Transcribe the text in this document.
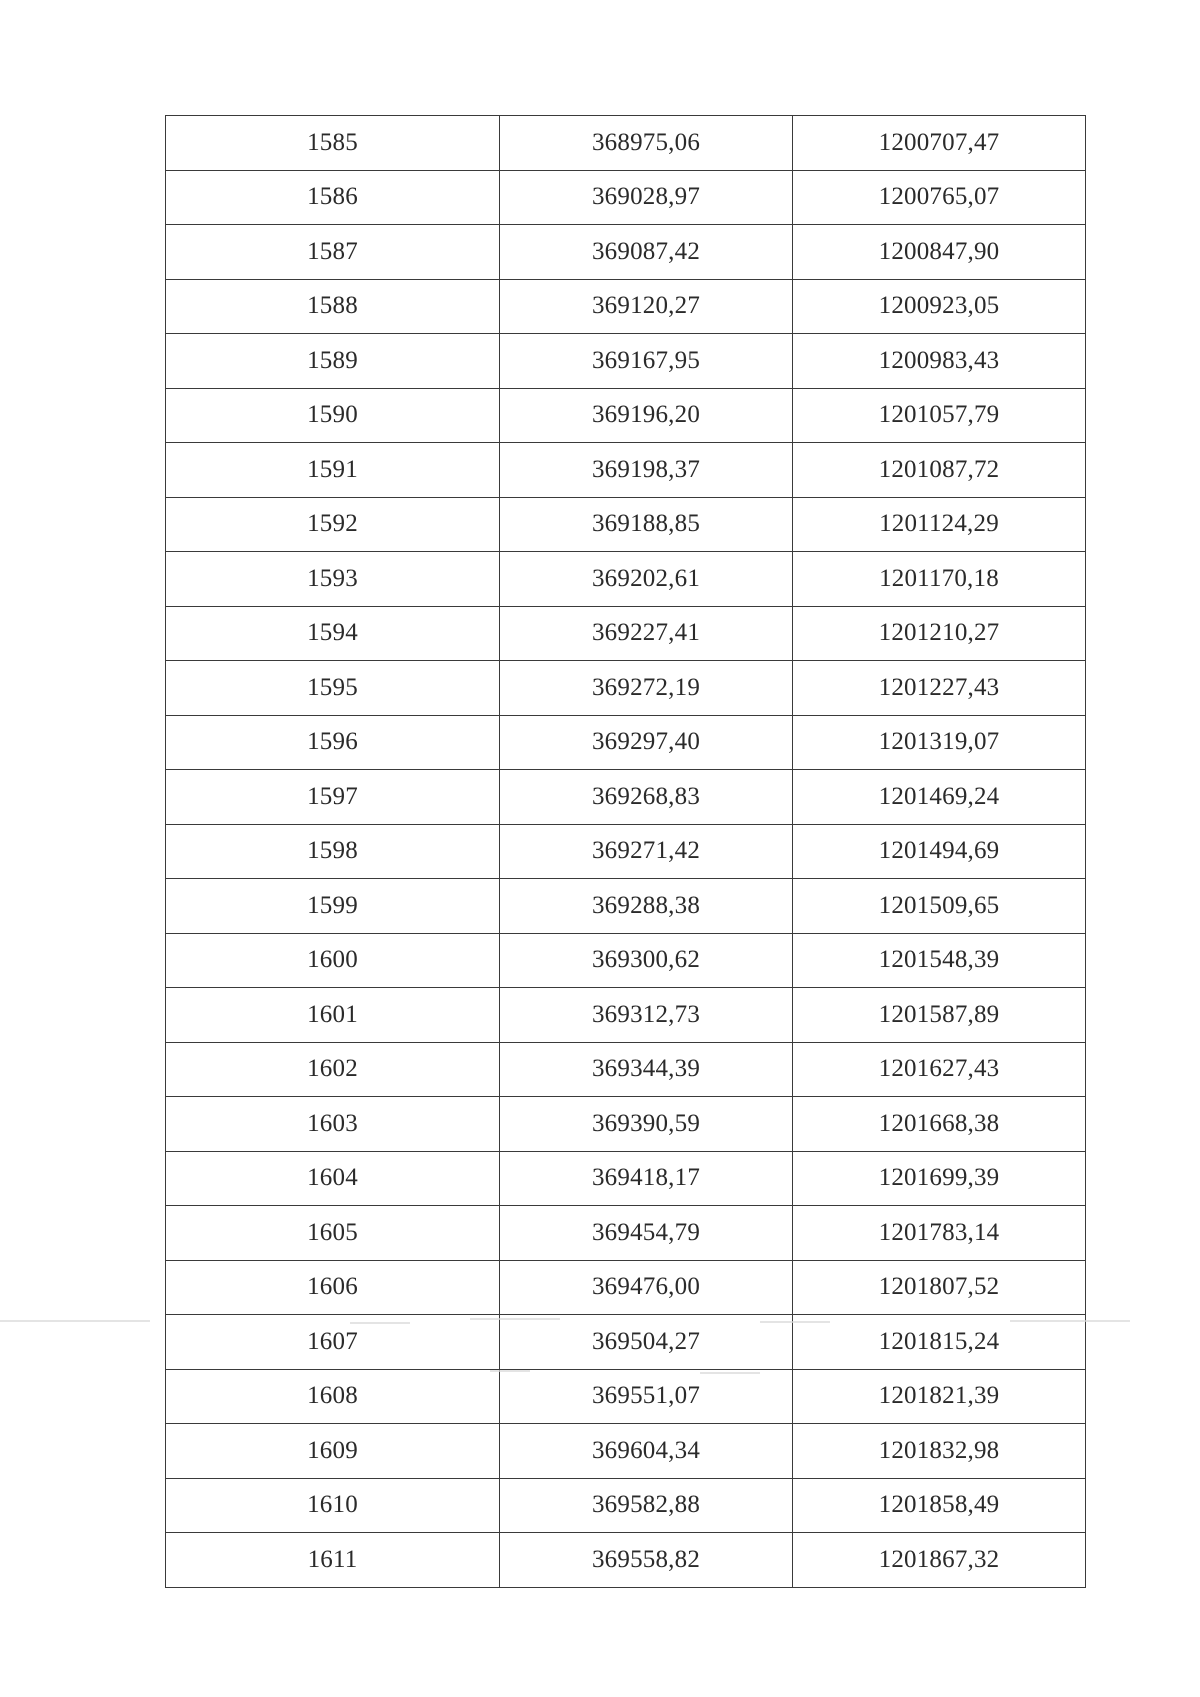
1585	368975,06	1200707,47
1586	369028,97	1200765,07
1587	369087,42	1200847,90
1588	369120,27	1200923,05
1589	369167,95	1200983,43
1590	369196,20	1201057,79
1591	369198,37	1201087,72
1592	369188,85	1201124,29
1593	369202,61	1201170,18
1594	369227,41	1201210,27
1595	369272,19	1201227,43
1596	369297,40	1201319,07
1597	369268,83	1201469,24
1598	369271,42	1201494,69
1599	369288,38	1201509,65
1600	369300,62	1201548,39
1601	369312,73	1201587,89
1602	369344,39	1201627,43
1603	369390,59	1201668,38
1604	369418,17	1201699,39
1605	369454,79	1201783,14
1606	369476,00	1201807,52
1607	369504,27	1201815,24
1608	369551,07	1201821,39
1609	369604,34	1201832,98
1610	369582,88	1201858,49
1611	369558,82	1201867,32
